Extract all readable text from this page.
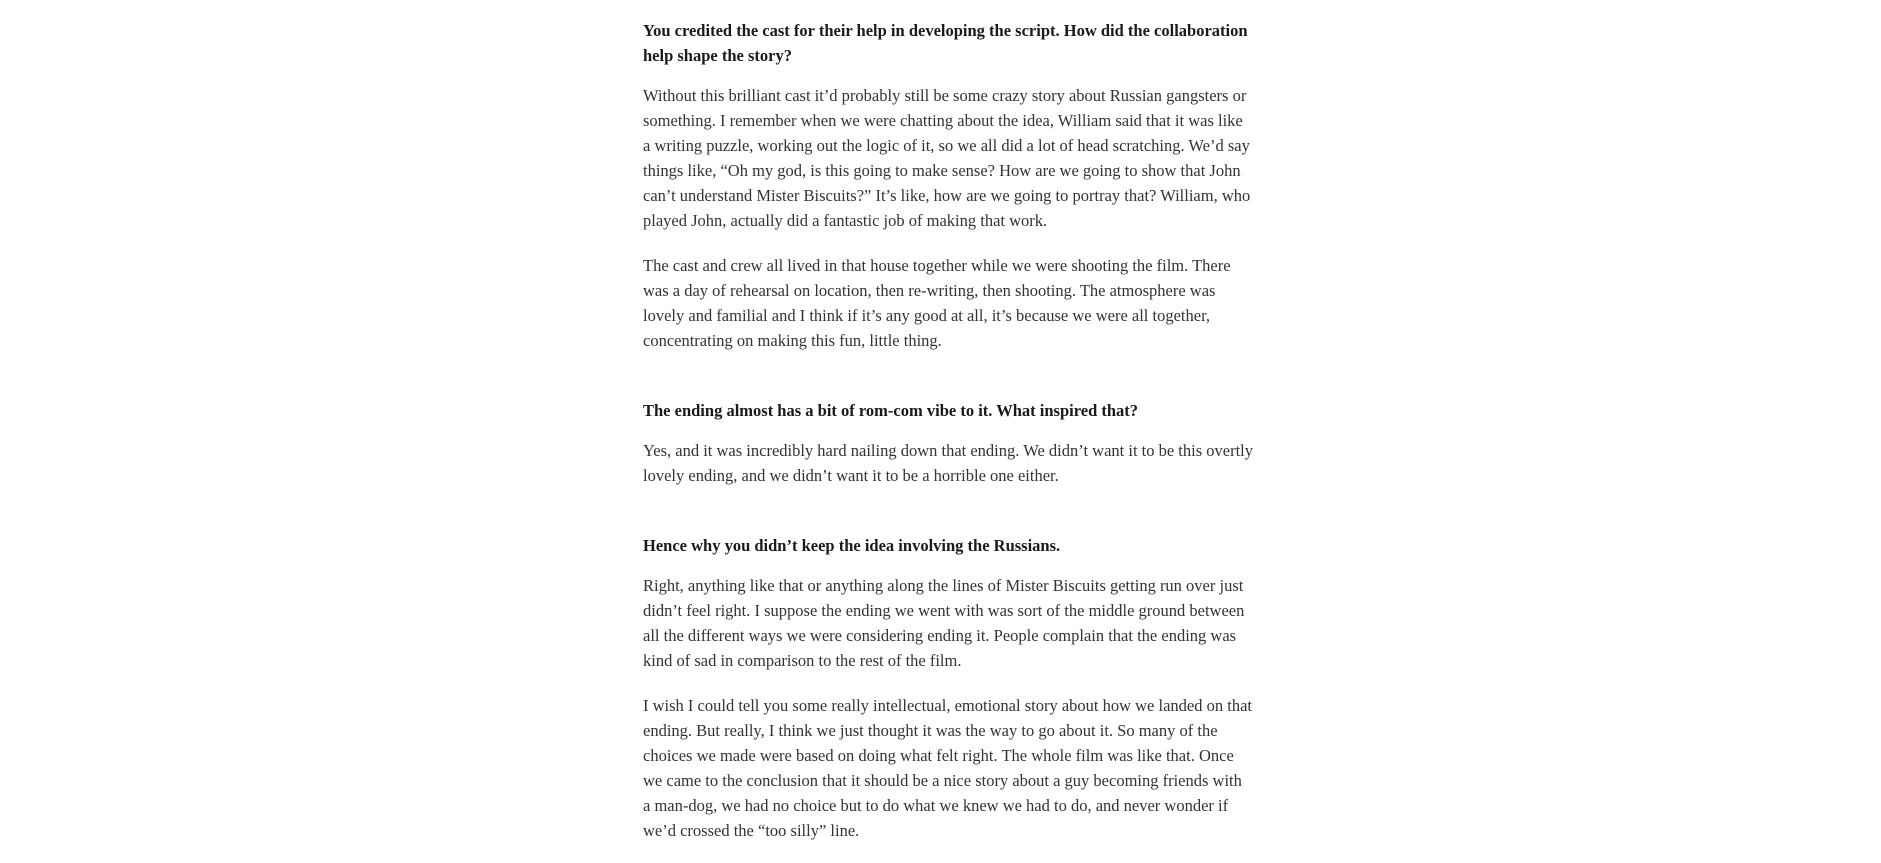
You credited the cast for their help in developing the script. How did the collaboration help shape the story?

Without this brilliant cast it’d probably still be some crazy story about Russian gangsters or something. I remember when we were chatting about the idea, William said that it was like a writing puzzle, working out the logic of it, so we all did a lot of head scratching. We’d say things like, “Oh my god, is this going to make sense? How are we going to show that John can’t understand Mister Biscuits?” It’s like, how are we going to portray that? William, who played John, actually did a fantastic job of making that work.

The cast and crew all lived in that house together while we were shooting the film. There was a day of rehearsal on location, then re-writing, then shooting. The atmosphere was lovely and familial and I think if it’s any good at all, it’s because we were all together, concentrating on making this fun, little thing.

The ending almost has a bit of rom-com vibe to it. What inspired that?

Yes, and it was incredibly hard nailing down that ending. We didn’t want it to be this overtly lovely ending, and we didn’t want it to be a horrible one either.

Hence why you didn’t keep the idea involving the Russians.

Right, anything like that or anything along the lines of Mister Biscuits getting run over just didn’t feel right. I suppose the ending we went with was sort of the middle ground between all the different ways we were considering ending it. People complain that the ending was kind of sad in comparison to the rest of the film.

I wish I could tell you some really intellectual, emotional story about how we landed on that ending. But really, I think we just thought it was the way to go about it. So many of the choices we made were based on doing what felt right. The whole film was like that. Once we came to the conclusion that it should be a nice story about a guy becoming friends with a man-dog, we had no choice but to do what we knew we had to do, and never wonder if we’d crossed the “too silly” line.
